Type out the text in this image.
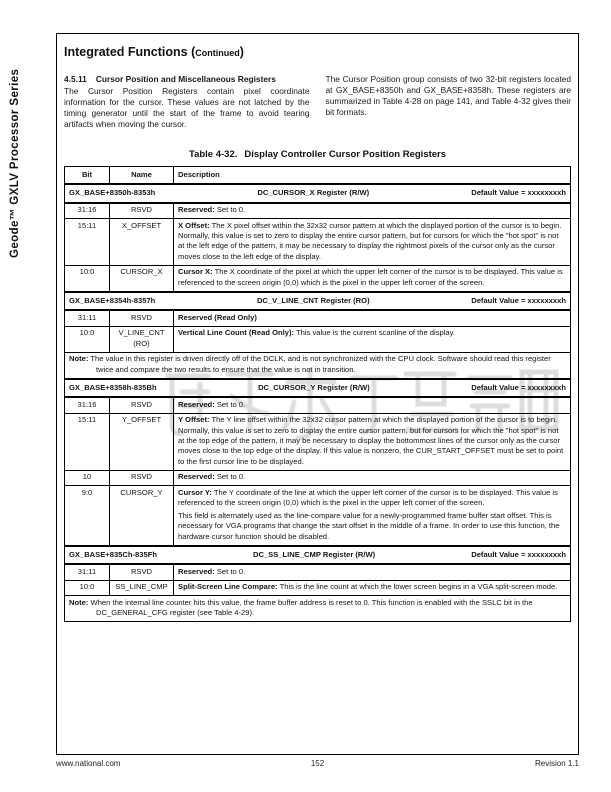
Geode™ GXLV Processor Series
Integrated Functions (Continued)
4.5.11 Cursor Position and Miscellaneous Registers
The Cursor Position Registers contain pixel coordinate information for the cursor. These values are not latched by the timing generator until the start of the frame to avoid tearing artifacts when moving the cursor.
The Cursor Position group consists of two 32-bit registers located at GX_BASE+8350h and GX_BASE+8358h. These registers are summarized in Table 4-28 on page 141, and Table 4-32 gives their bit formats.
Table 4-32. Display Controller Cursor Position Registers
Bit	Name	Description

GX_BASE+8350h-8353h DC_CURSOR_X Register (R/W) Default Value = xxxxxxxxh		

31:16	RSVD	Reserved: Set to 0.
15:11	X_OFFSET	X Offset: The X pixel offset within the 32x32 cursor pattern at which the displayed portion of the cursor is to begin. Normally, this value is set to zero to display the entire cursor pattern, but for cursors for which the "hot spot" is not at the left edge of the pattern, it may be necessary to display the rightmost pixels of the cursor only as the cursor moves close to the left edge of the display.
10:0	CURSOR_X	Cursor X: The X coordinate of the pixel at which the upper left corner of the cursor is to be displayed. This value is referenced to the screen origin (0,0) which is the pixel in the upper left corner of the screen.

GX_BASE+8354h-8357h DC_V_LINE_CNT Register (RO) Default Value = xxxxxxxxh		

31:11	RSVD	Reserved (Read Only)
10:0	V_LINE_CNT (RO)	Vertical Line Count (Read Only): This value is the current scanline of the display.
Note: The value in this register is driven directly off of the DCLK, and is not synchronized with the CPU clock. Software should read this register twice and compare the two results to ensure that the value is not in transition.		

GX_BASE+8358h-835Bh DC_CURSOR_Y Register (R/W) Default Value = xxxxxxxxh		

31:16	RSVD	Reserved: Set to 0.
15:11	Y_OFFSET	Y Offset: The Y line offset within the 32x32 cursor pattern at which the displayed portion of the cursor is to begin. Normally, this value is set to zero to display the entire cursor pattern, but for cursors for which the "hot spot" is not at the top edge of the pattern, it may be necessary to display the bottommost lines of the cursor only as the cursor moves close to the top edge of the display. If this value is nonzero, the CUR_START_OFFSET must be set to point to the first cursor line to be displayed.
10	RSVD	Reserved: Set to 0.
9:0	CURSOR_Y	Cursor Y: The Y coordinate of the line at which the upper left corner of the cursor is to be displayed. This value is referenced to the screen origin (0,0) which is the pixel in the upper left corner of the screen.
This field is alternately used as the line-compare value for a newly-programmed frame buffer start offset. This is necessary for VGA programs that change the start offset in the middle of a frame. In order to use this function, the hardware cursor function should be disabled.

GX_BASE+835Ch-835Fh DC_SS_LINE_CMP Register (R/W) Default Value = xxxxxxxxh		

31:11	RSVD	Reserved: Set to 0.
10:0	SS_LINE_CMP	Split-Screen Line Compare: This is the line count at which the lower screen begins in a VGA split-screen mode.
Note: When the internal line counter hits this value, the frame buffer address is reset to 0. This function is enabled with the SSLC bit in the DC_GENERAL_CFG register (see Table 4-29).		
www.national.com	152	Revision 1.1
